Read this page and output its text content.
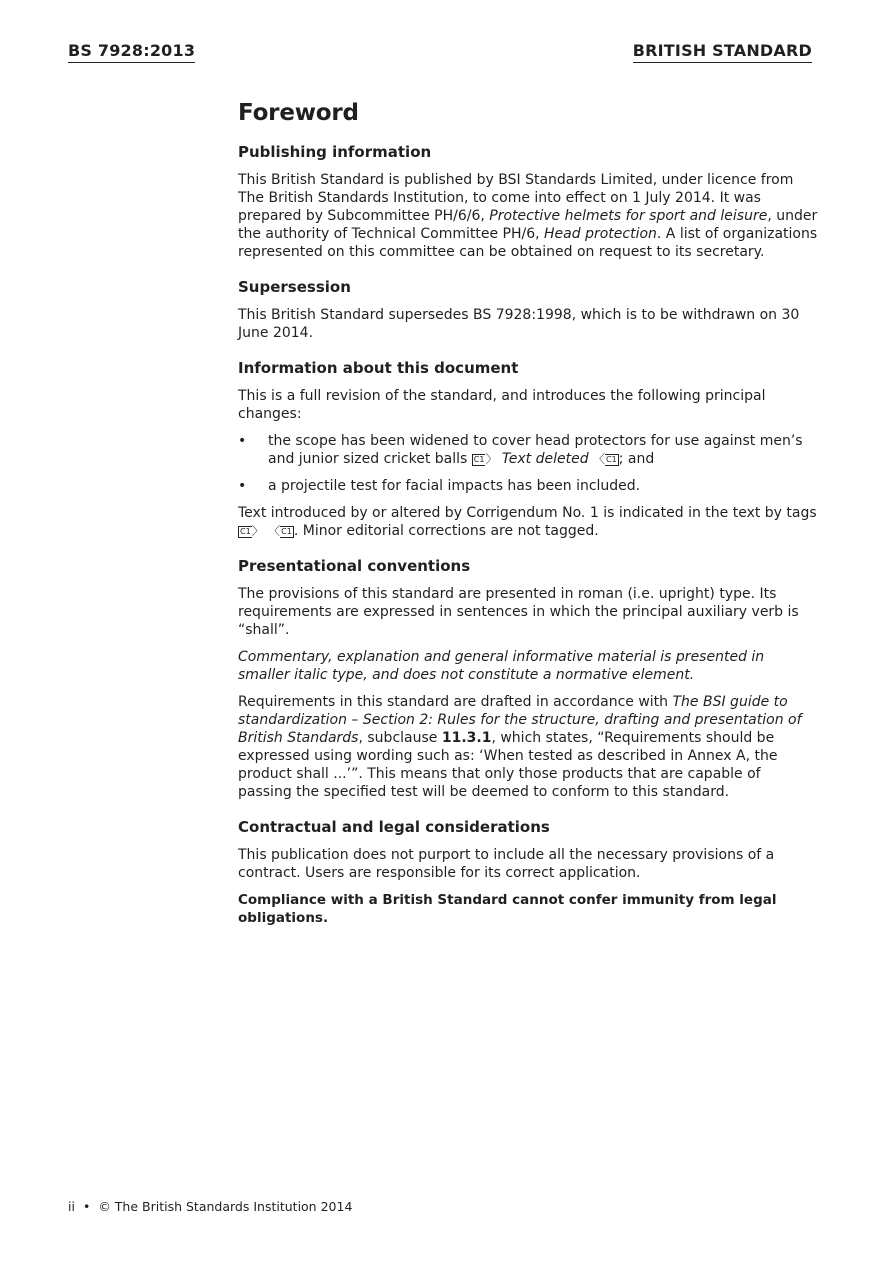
BS 7928:2013	BRITISH STANDARD
Foreword
Publishing information

This British Standard is published by BSI Standards Limited, under licence from The British Standards Institution, to come into effect on 1 July 2014. It was prepared by Subcommittee PH/6/6, Protective helmets for sport and leisure, under the authority of Technical Committee PH/6, Head protection. A list of organizations represented on this committee can be obtained on request to its secretary.

Supersession

This British Standard supersedes BS 7928:1998, which is to be withdrawn on 30 June 2014.

Information about this document

This is a full revision of the standard, and introduces the following principal changes:

• the scope has been widened to cover head protectors for use against men’s and junior sized cricket balls C1〉 Text deleted 〈C1 ; and
• a projectile test for facial impacts has been included.

Text introduced by or altered by Corrigendum No. 1 is indicated in the text by tags C1〉 〈C1 . Minor editorial corrections are not tagged.

Presentational conventions

The provisions of this standard are presented in roman (i.e. upright) type. Its requirements are expressed in sentences in which the principal auxiliary verb is “shall”.

Commentary, explanation and general informative material is presented in smaller italic type, and does not constitute a normative element.

Requirements in this standard are drafted in accordance with The BSI guide to standardization – Section 2: Rules for the structure, drafting and presentation of British Standards, subclause 11.3.1, which states, “Requirements should be expressed using wording such as: ‘When tested as described in Annex A, the product shall ...’”. This means that only those products that are capable of passing the specified test will be deemed to conform to this standard.

Contractual and legal considerations

This publication does not purport to include all the necessary provisions of a contract. Users are responsible for its correct application.

Compliance with a British Standard cannot confer immunity from legal obligations.

ii • © The British Standards Institution 2014
